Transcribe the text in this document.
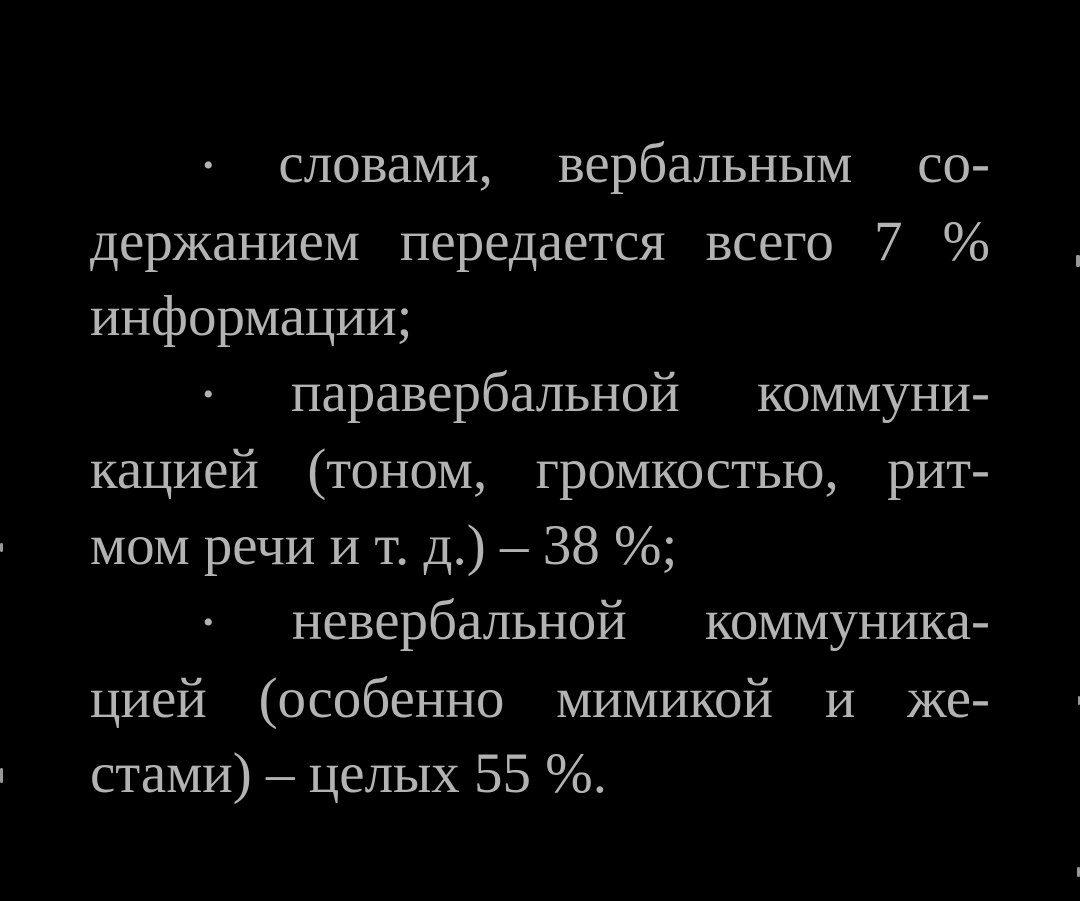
• словами, вербальным со-
держанием передается всего 7 %
информации;
• паравербальной коммуни-
кацией (тоном, громкостью, рит-
мом речи и т. д.) – 38 %;
• невербальной коммуника-
цией (особенно мимикой и же-
стами) – целых 55 %.
